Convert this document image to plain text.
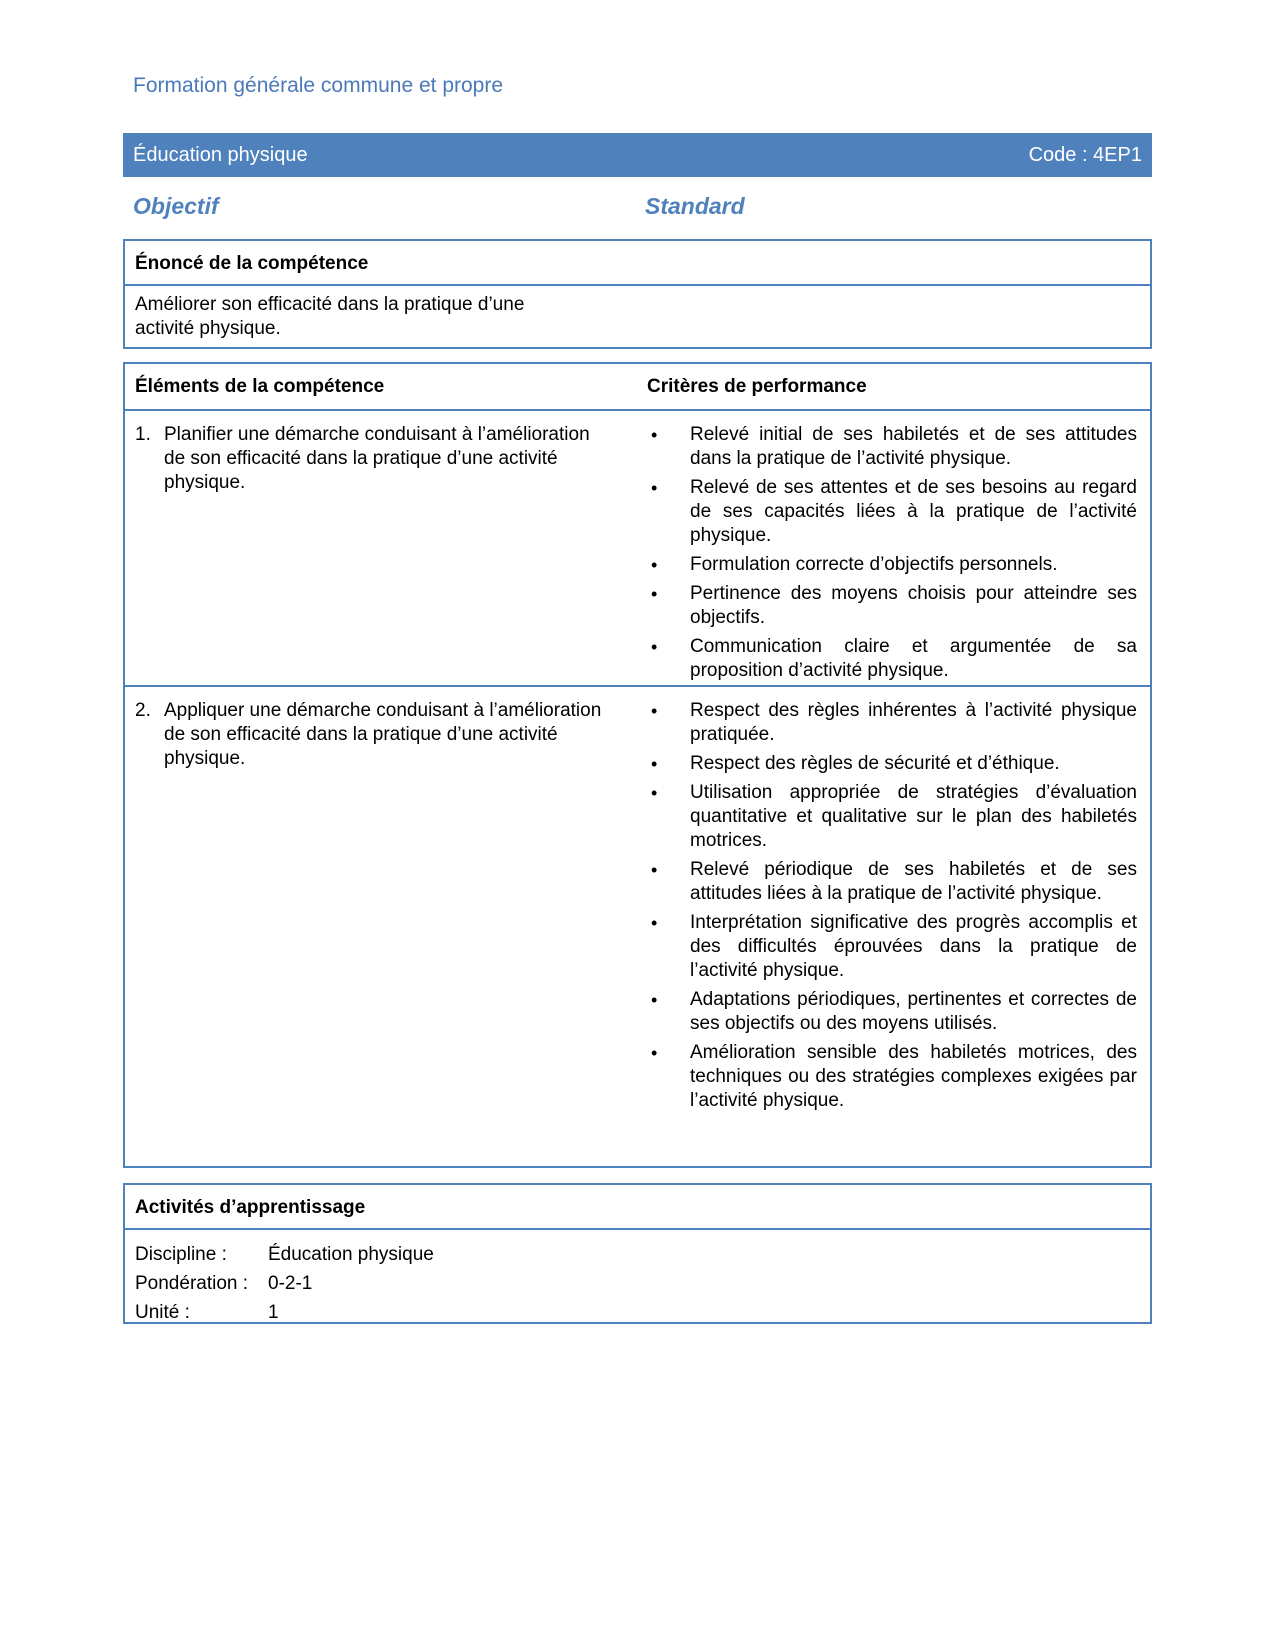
Formation générale commune et propre
Éducation physique	Code : 4EP1
Objectif	Standard
Énoncé de la compétence
Améliorer son efficacité dans la pratique d’une activité physique.
Éléments de la compétence	Critères de performance
1. Planifier une démarche conduisant à l’amélioration de son efficacité dans la pratique d’une activité physique.
• Relevé initial de ses habiletés et de ses attitudes dans la pratique de l’activité physique.
• Relevé de ses attentes et de ses besoins au regard de ses capacités liées à la pratique de l’activité physique.
• Formulation correcte d’objectifs personnels.
• Pertinence des moyens choisis pour atteindre ses objectifs.
• Communication claire et argumentée de sa proposition d’activité physique.
2. Appliquer une démarche conduisant à l’amélioration de son efficacité dans la pratique d’une activité physique.
• Respect des règles inhérentes à l’activité physique pratiquée.
• Respect des règles de sécurité et d’éthique.
• Utilisation appropriée de stratégies d’évaluation quantitative et qualitative sur le plan des habiletés motrices.
• Relevé périodique de ses habiletés et de ses attitudes liées à la pratique de l’activité physique.
• Interprétation significative des progrès accomplis et des difficultés éprouvées dans la pratique de l’activité physique.
• Adaptations périodiques, pertinentes et correctes de ses objectifs ou des moyens utilisés.
• Amélioration sensible des habiletés motrices, des techniques ou des stratégies complexes exigées par l’activité physique.
Activités d’apprentissage
Discipline : Éducation physique
Pondération : 0-2-1
Unité :	1
